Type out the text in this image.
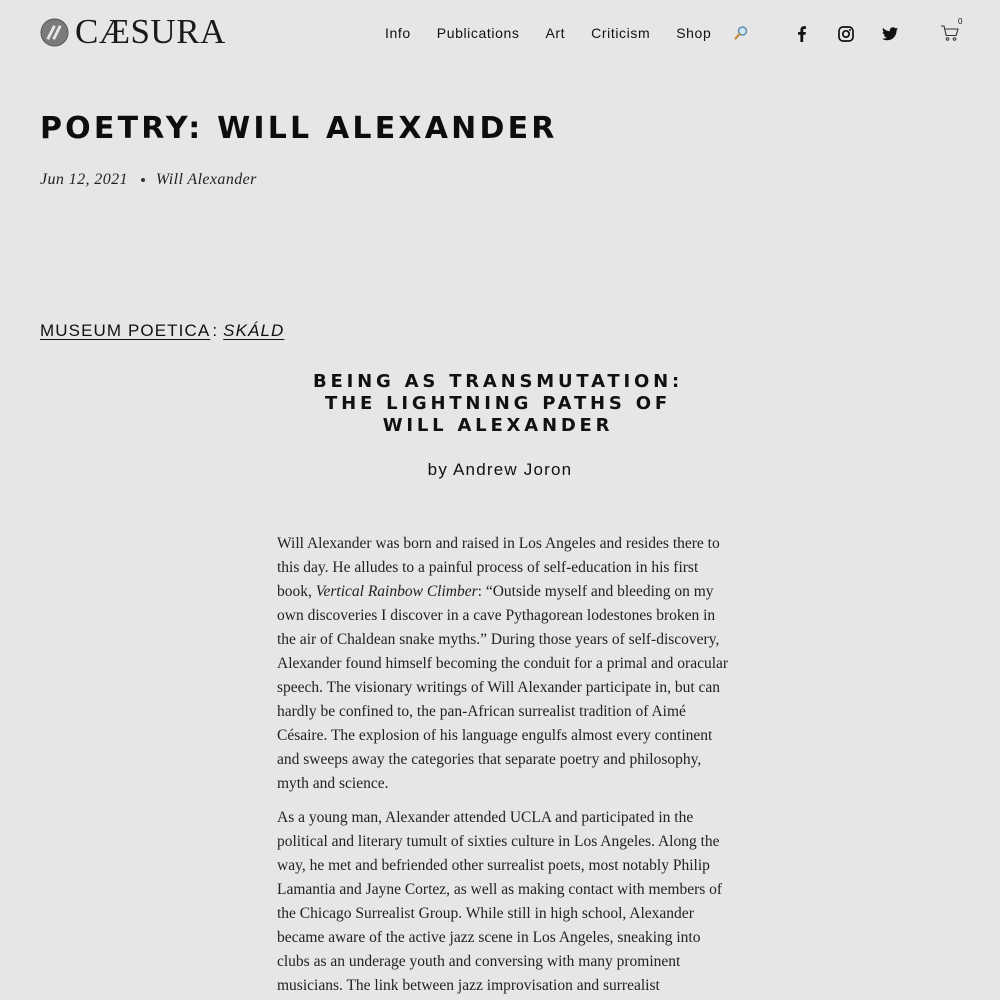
CÆSURA	Info Publications Art Criticism Shop
0
POETRY: WILL ALEXANDER
Jun 12, 2021 Will Alexander
MUSEUM POETICA : SKÁLD
BEING AS TRANSMUTATION:
THE LIGHTNING PATHS OF
WILL ALEXANDER
by Andrew Joron

Will Alexander was born and raised in Los Angeles and resides there to this day. He alludes to a painful process of self-education in his first book, Vertical Rainbow Climber: “Outside myself and bleeding on my own discoveries I discover in a cave Pythagorean lodestones broken in the air of Chaldean snake myths.” During those years of self-discovery, Alexander found himself becoming the conduit for a primal and oracular speech. The visionary writings of Will Alexander participate in, but can hardly be confined to, the pan-African surrealist tradition of Aimé Césaire. The explosion of his language engulfs almost every continent and sweeps away the categories that separate poetry and philosophy, myth and science.

As a young man, Alexander attended UCLA and participated in the political and literary tumult of sixties culture in Los Angeles. Along the way, he met and befriended other surrealist poets, most notably Philip Lamantia and Jayne Cortez, as well as making contact with members of the Chicago Surrealist Group. While still in high school, Alexander became aware of the active jazz scene in Los Angeles, sneaking into clubs as an underage youth and conversing with many prominent musicians. The link between jazz improvisation and surrealist
